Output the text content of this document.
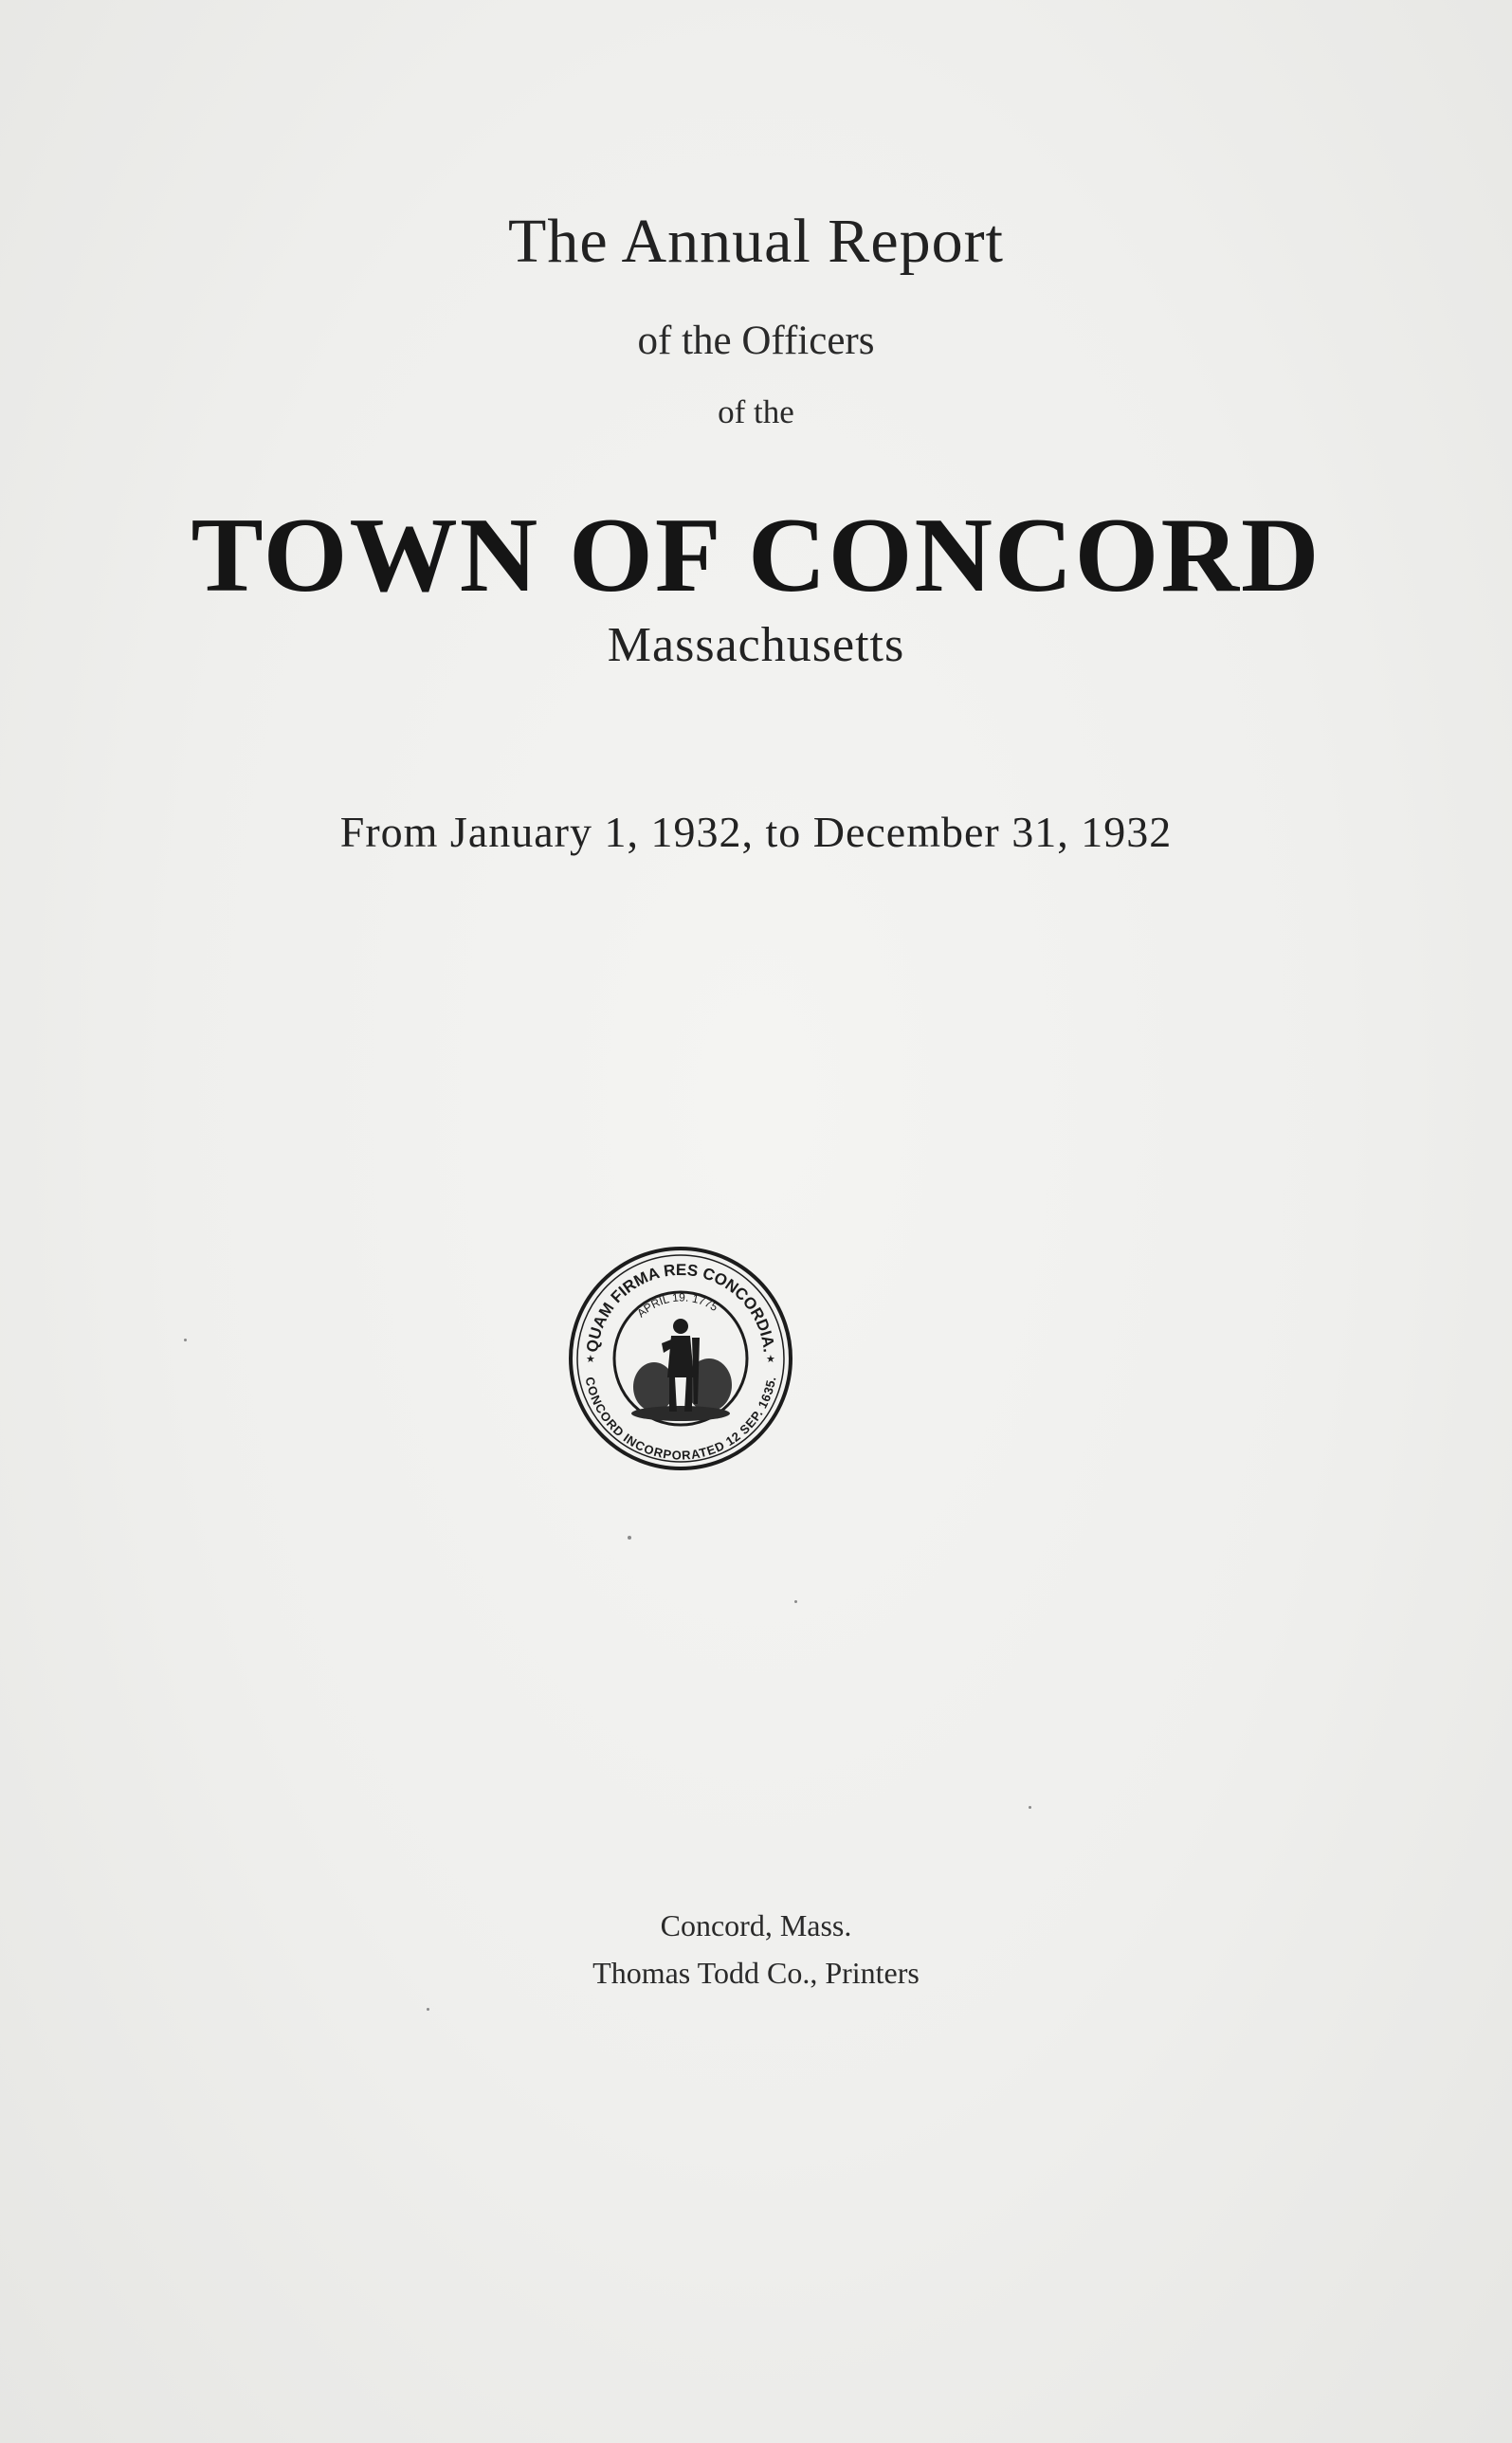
The Annual Report
of the Officers
of the
TOWN OF CONCORD
Massachusetts
From January 1, 1932, to December 31, 1932
QUAM FIRMA RES CONCORDIA.
CONCORD INCORPORATED 12 SEP. 1635.
APRIL 19. 1775
★	★
Concord, Mass.
Thomas Todd Co., Printers
